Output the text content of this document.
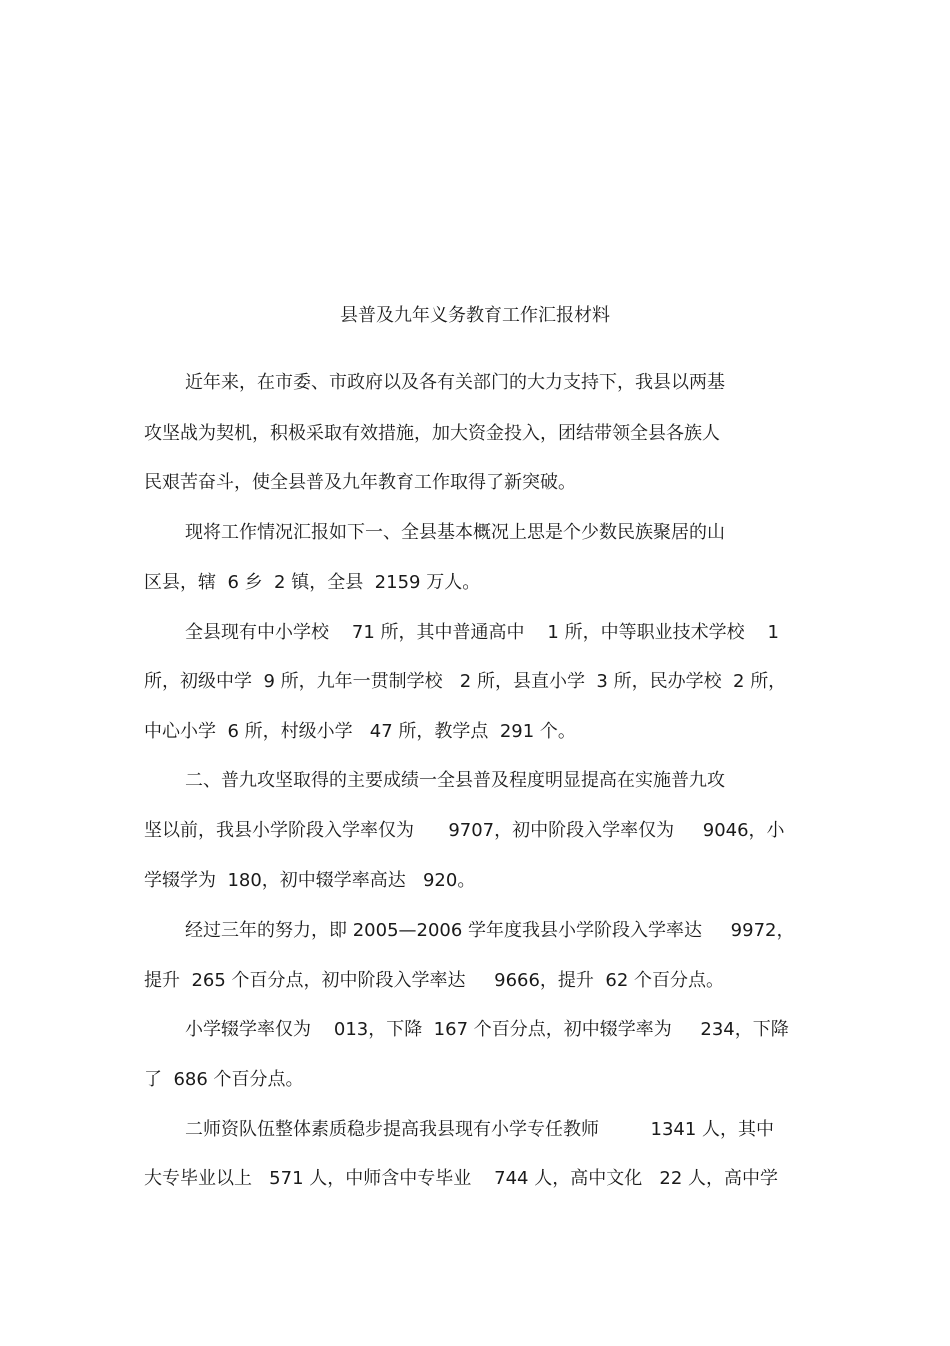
县普及九年义务教育工作汇报材料
近年来，在市委、市政府以及各有关部门的大力支持下，我县以两基
攻坚战为契机，积极采取有效措施，加大资金投入，团结带领全县各族人
民艰苦奋斗，使全县普及九年教育工作取得了新突破。
现将工作情况汇报如下一、全县基本概况上思是个少数民族聚居的山
区县，辖  6 乡  2 镇，全县  2159 万人。
全县现有中小学校    71 所，其中普通高中    1 所，中等职业技术学校    1
所，初级中学  9 所，九年一贯制学校   2 所，县直小学  3 所，民办学校  2 所，
中心小学  6 所，村级小学   47 所，教学点  291 个。
二、普九攻坚取得的主要成绩一全县普及程度明显提高在实施普九攻
坚以前，我县小学阶段入学率仅为      9707，初中阶段入学率仅为     9046，小
学辍学为  180，初中辍学率高达   920。
经过三年的努力，即 2005—2006 学年度我县小学阶段入学率达     9972，
提升  265 个百分点，初中阶段入学率达     9666，提升  62 个百分点。
小学辍学率仅为    013，下降  167 个百分点，初中辍学率为     234，下降
了  686 个百分点。
二师资队伍整体素质稳步提高我县现有小学专任教师         1341 人，其中
大专毕业以上   571 人，中师含中专毕业    744 人，高中文化   22 人，高中学
